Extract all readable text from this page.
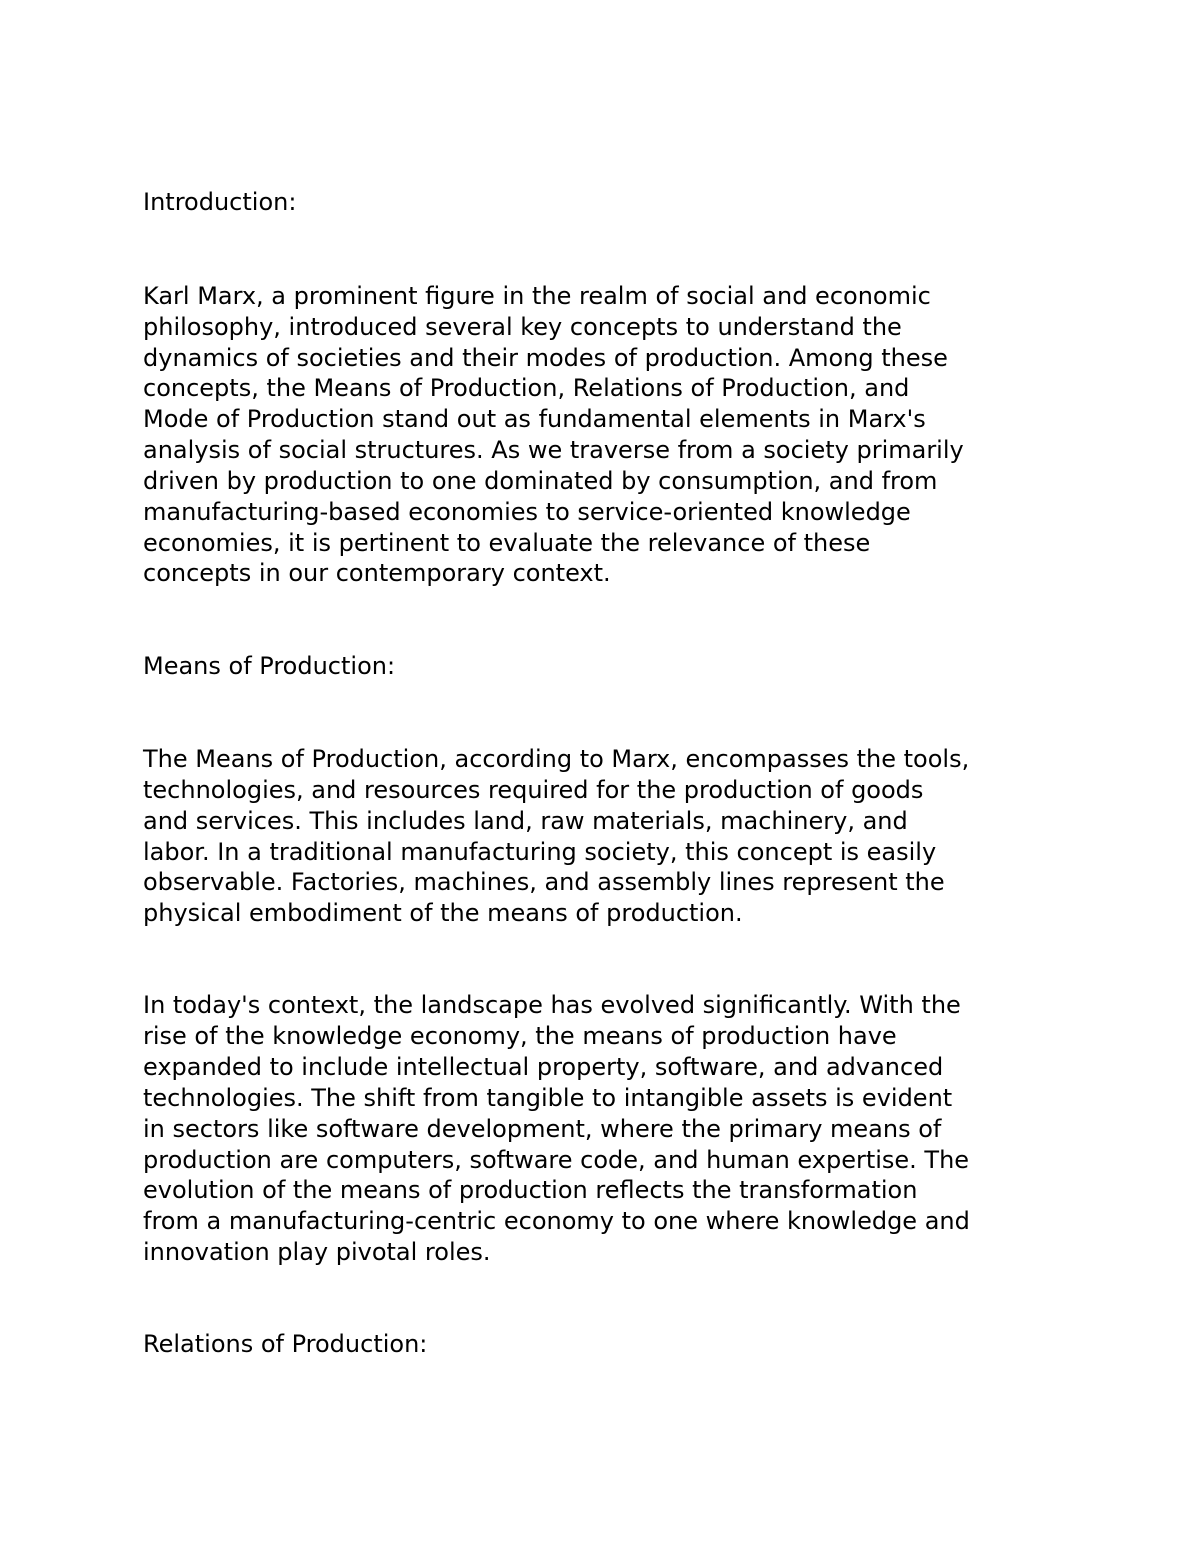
Introduction:

Karl Marx, a prominent figure in the realm of social and economic

philosophy, introduced several key concepts to understand the

dynamics of societies and their modes of production. Among these

concepts, the Means of Production, Relations of Production, and

Mode of Production stand out as fundamental elements in Marx's

analysis of social structures. As we traverse from a society primarily

driven by production to one dominated by consumption, and from

manufacturing-based economies to service-oriented knowledge

economies, it is pertinent to evaluate the relevance of these

concepts in our contemporary context.

Means of Production:

The Means of Production, according to Marx, encompasses the tools,

technologies, and resources required for the production of goods

and services. This includes land, raw materials, machinery, and

labor. In a traditional manufacturing society, this concept is easily

observable. Factories, machines, and assembly lines represent the

physical embodiment of the means of production.

In today's context, the landscape has evolved significantly. With the

rise of the knowledge economy, the means of production have

expanded to include intellectual property, software, and advanced

technologies. The shift from tangible to intangible assets is evident

in sectors like software development, where the primary means of

production are computers, software code, and human expertise. The

evolution of the means of production reflects the transformation

from a manufacturing-centric economy to one where knowledge and

innovation play pivotal roles.

Relations of Production:
